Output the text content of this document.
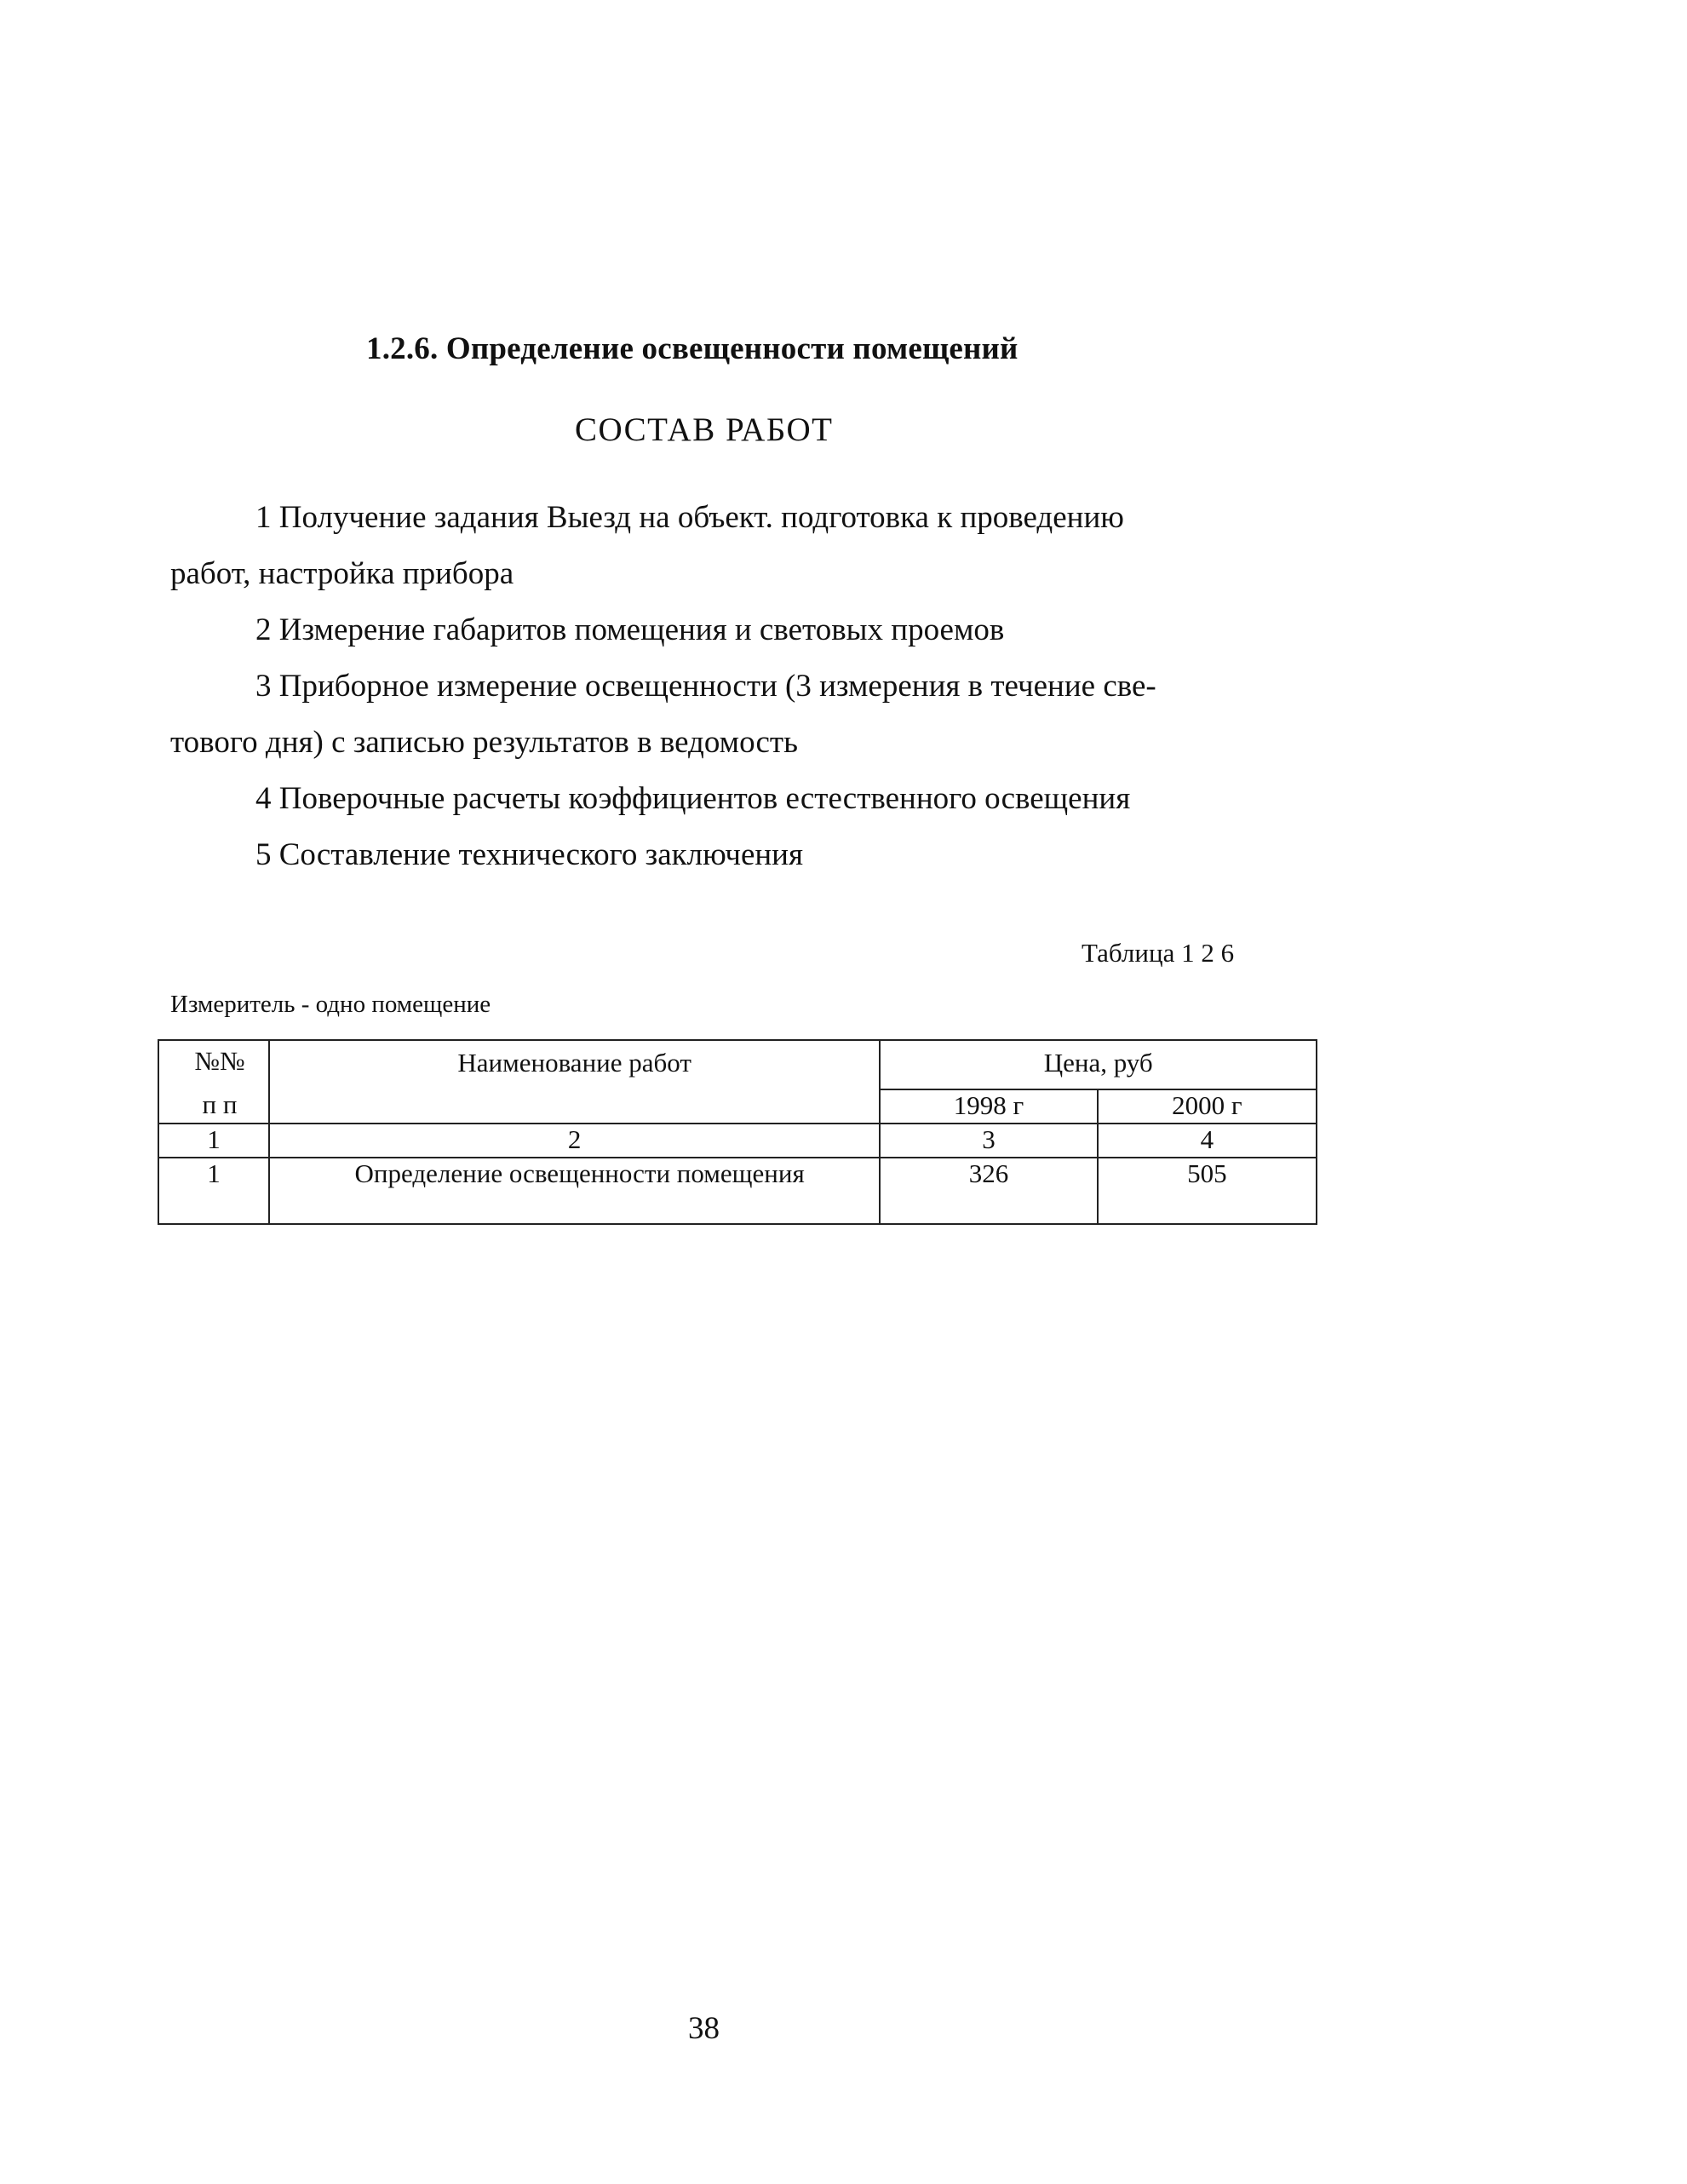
1.2.6. Определение освещенности помещений
СОСТАВ РАБОТ
1 Получение задания Выезд на объект. подготовка к проведению
работ, настройка прибора
2 Измерение габаритов помещения и световых проемов
3 Приборное измерение освещенности (3 измерения в течение све-
тового дня) с записью результатов в ведомость
4 Поверочные расчеты коэффициентов естественного освещения
5 Составление технического заключения
Таблица 1 2 6
Измеритель - одно помещение
№№	Наименование работ	Цена, руб	
п п		1998 г	2000 г
1	2	3	4
1	Определение освещенности помещения	326	505
38
